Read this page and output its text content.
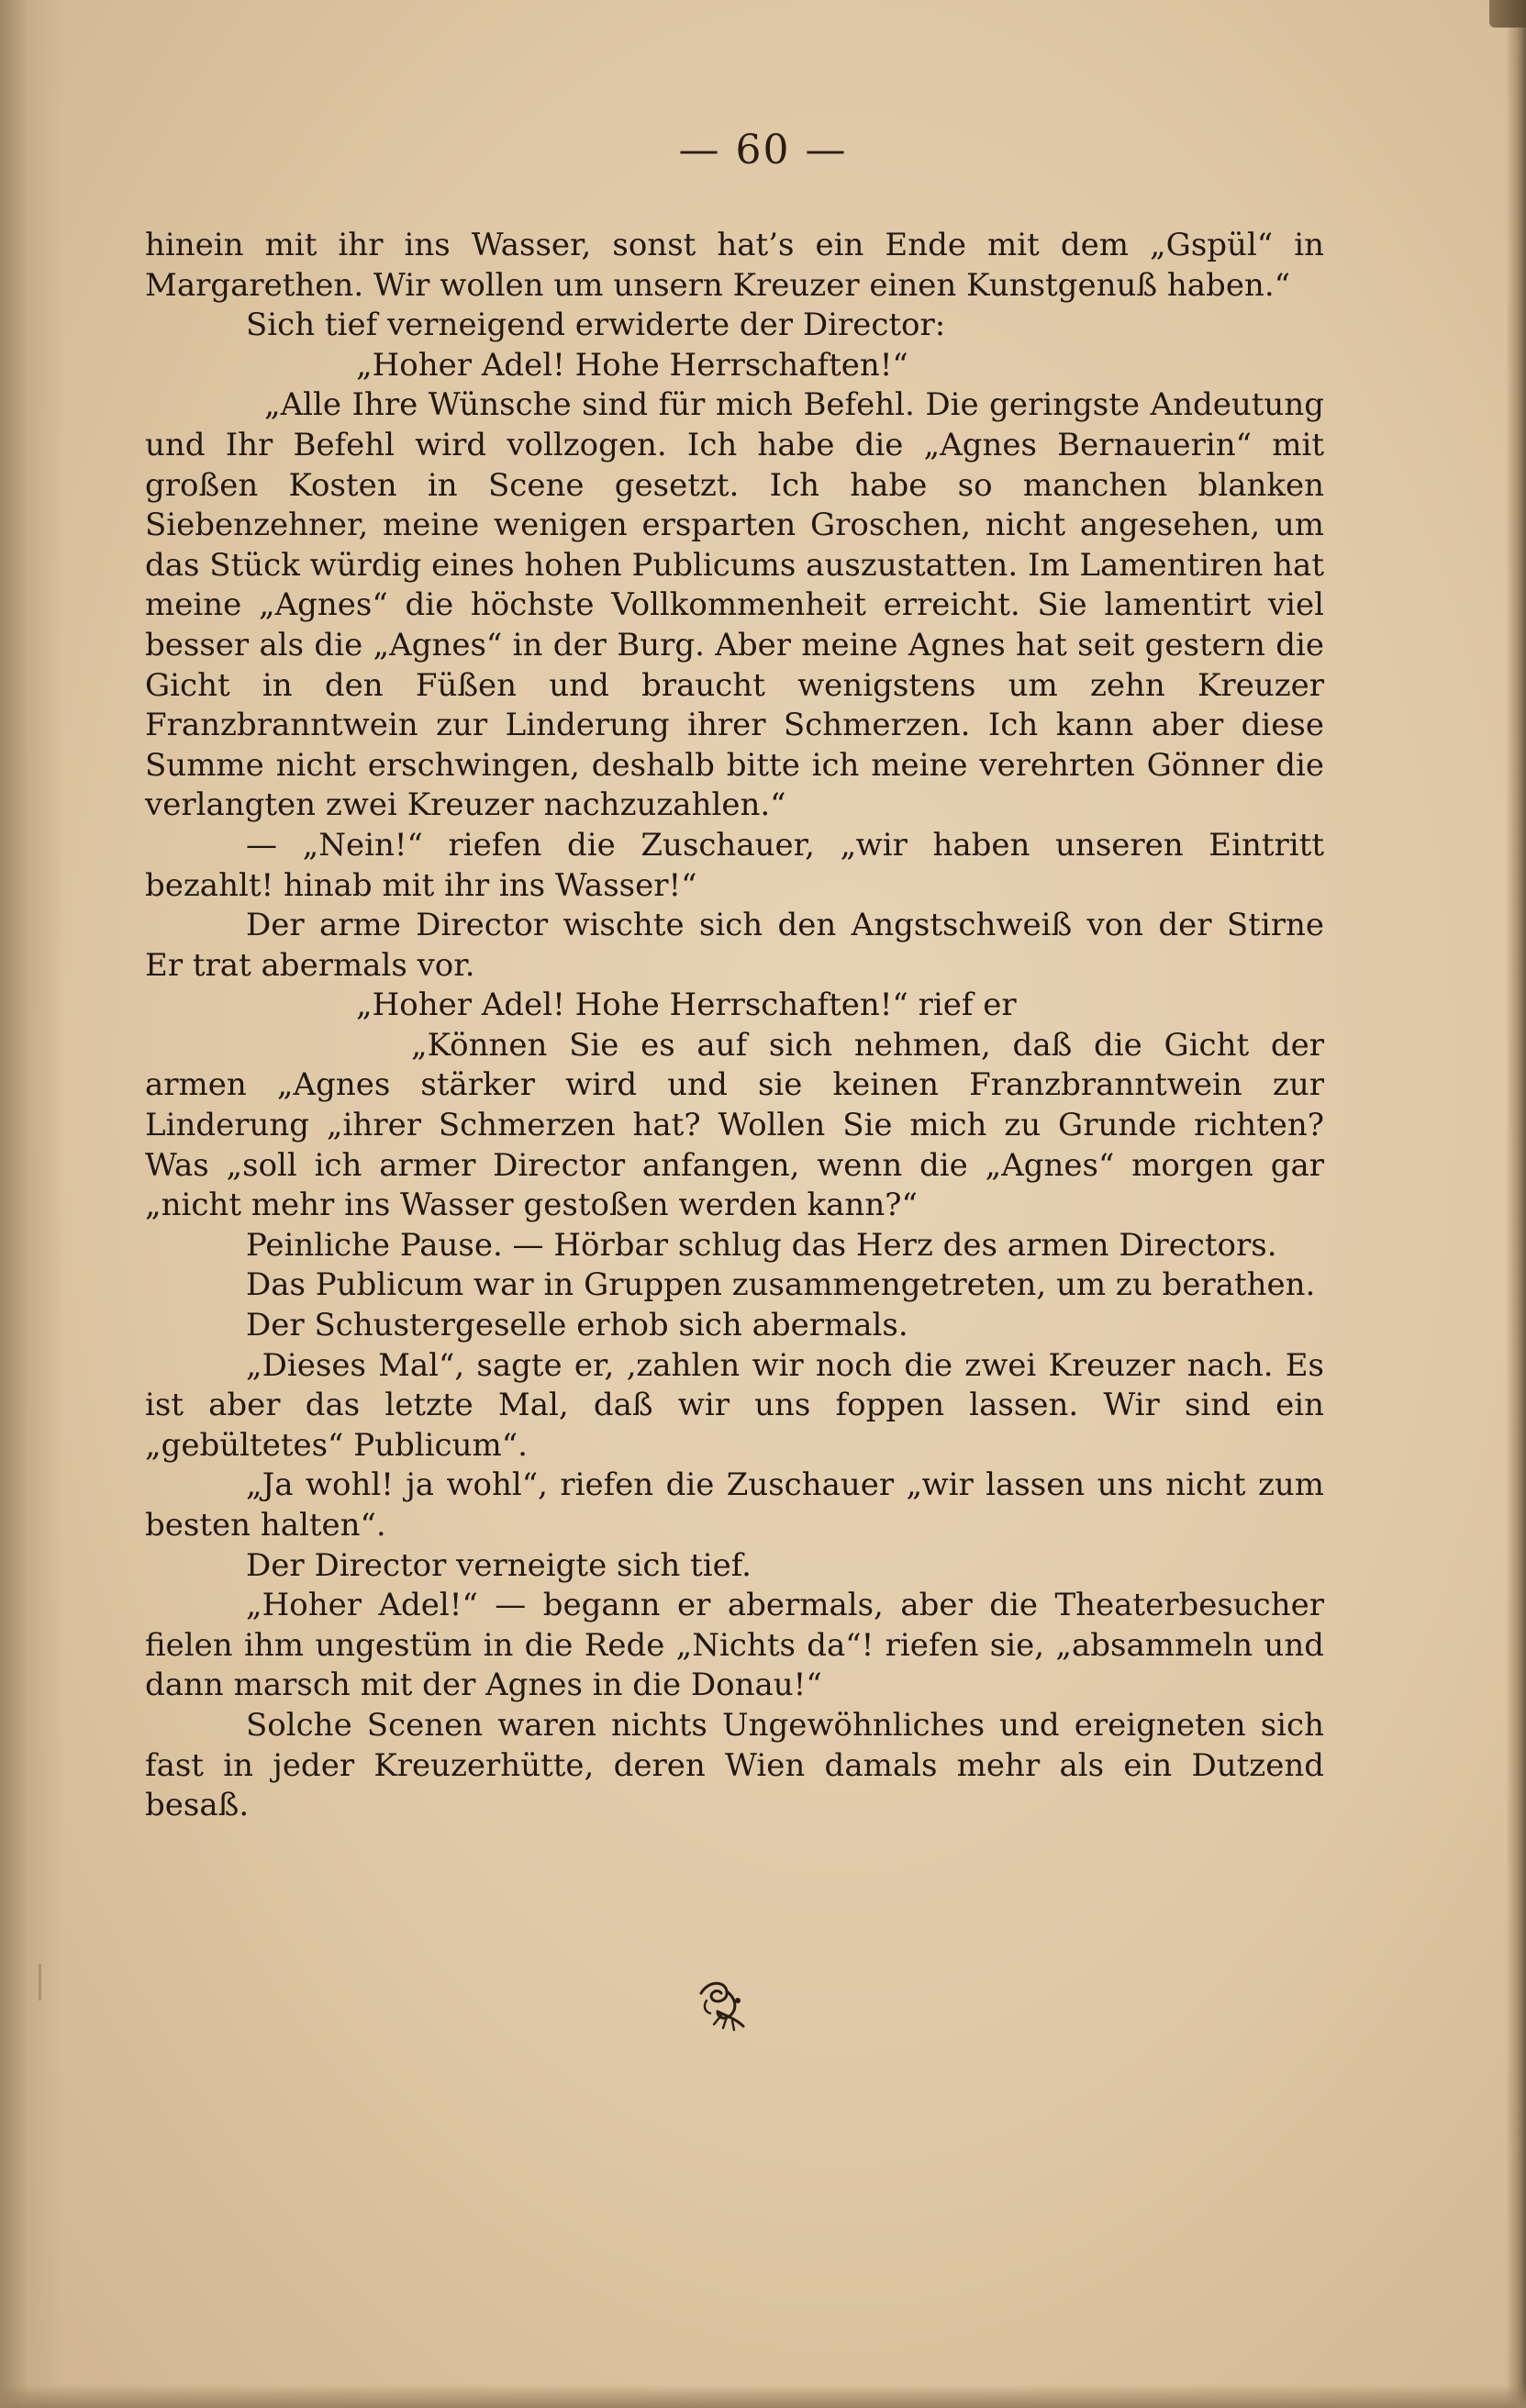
— 60 —

hinein mit ihr ins Wasser, sonst hat’s ein Ende mit dem „Gspül“ in Margarethen. Wir wollen um unsern Kreuzer einen Kunstgenuß haben.“

Sich tief verneigend erwiderte der Director:

„Hoher Adel! Hohe Herrschaften!“

„Alle Ihre Wünsche sind für mich Befehl. Die geringste Andeutung und Ihr Befehl wird vollzogen. Ich habe die „Agnes Bernauerin“ mit großen Kosten in Scene gesetzt. Ich habe so manchen blanken Siebenzehner, meine wenigen ersparten Groschen, nicht angesehen, um das Stück würdig eines hohen Publicums auszustatten. Im Lamentiren hat meine „Agnes“ die höchste Vollkommenheit erreicht. Sie lamentirt viel besser als die „Agnes“ in der Burg. Aber meine Agnes hat seit gestern die Gicht in den Füßen und braucht wenigstens um zehn Kreuzer Franzbranntwein zur Linderung ihrer Schmerzen. Ich kann aber diese Summe nicht erschwingen, deshalb bitte ich meine verehrten Gönner die verlangten zwei Kreuzer nachzuzahlen.“

— „Nein!“ riefen die Zuschauer, „wir haben unseren Eintritt bezahlt! hinab mit ihr ins Wasser!“

Der arme Director wischte sich den Angstschweiß von der Stirne Er trat abermals vor.

„Hoher Adel! Hohe Herrschaften!“ rief er

„Können Sie es auf sich nehmen, daß die Gicht der armen „Agnes stärker wird und sie keinen Franzbranntwein zur Linderung „ihrer Schmerzen hat? Wollen Sie mich zu Grunde richten? Was „soll ich armer Director anfangen, wenn die „Agnes“ morgen gar „nicht mehr ins Wasser gestoßen werden kann?“

Peinliche Pause. — Hörbar schlug das Herz des armen Directors.

Das Publicum war in Gruppen zusammengetreten, um zu berathen.

Der Schustergeselle erhob sich abermals.

„Dieses Mal“, sagte er, ‚zahlen wir noch die zwei Kreuzer nach. Es ist aber das letzte Mal, daß wir uns foppen lassen. Wir sind ein „gebültetes“ Publicum“.

„Ja wohl! ja wohl“, riefen die Zuschauer „wir lassen uns nicht zum besten halten“.

Der Director verneigte sich tief.

„Hoher Adel!“ — begann er abermals, aber die Theaterbesucher fielen ihm ungestüm in die Rede „Nichts da“! riefen sie, „absammeln und dann marsch mit der Agnes in die Donau!“

Solche Scenen waren nichts Ungewöhnliches und ereigneten sich fast in jeder Kreuzerhütte, deren Wien damals mehr als ein Dutzend besaß.
